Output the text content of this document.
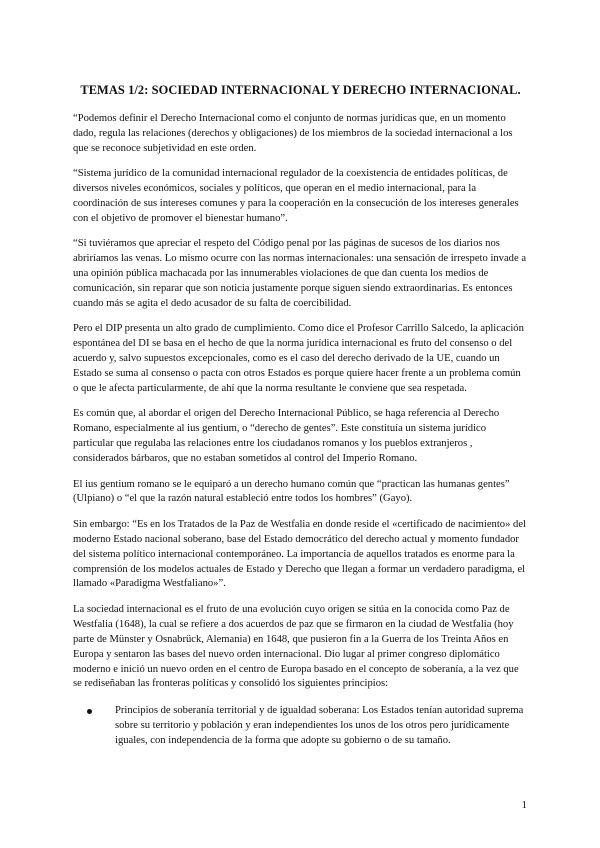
TEMAS 1/2: SOCIEDAD INTERNACIONAL Y DERECHO INTERNACIONAL.

“Podemos definir el Derecho Internacional como el conjunto de normas jurídicas que, en un momento dado, regula las relaciones (derechos y obligaciones) de los miembros de la sociedad internacional a los que se reconoce subjetividad en este orden.

“Sistema jurídico de la comunidad internacional regulador de la coexistencia de entidades políticas, de diversos niveles económicos, sociales y políticos, que operan en el medio internacional, para la coordinación de sus intereses comunes y para la cooperación en la consecución de los intereses generales con el objetivo de promover el bienestar humano”.

“Si tuviéramos que apreciar el respeto del Código penal por las páginas de sucesos de los diarios nos abriríamos las venas. Lo mismo ocurre con las normas internacionales: una sensación de irrespeto invade a una opinión pública machacada por las innumerables violaciones de que dan cuenta los medios de comunicación, sin reparar que son noticia justamente porque siguen siendo extraordinarias. Es entonces cuando más se agita el dedo acusador de su falta de coercibilidad.

Pero el DIP presenta un alto grado de cumplimiento. Como dice el Profesor Carrillo Salcedo, la aplicación espontánea del DI se basa en el hecho de que la norma jurídica internacional es fruto del consenso o del acuerdo y, salvo supuestos excepcionales, como es el caso del derecho derivado de la UE, cuando un Estado se suma al consenso o pacta con otros Estados es porque quiere hacer frente a un problema común o que le afecta particularmente, de ahí que la norma resultante le conviene que sea respetada.

Es común que, al abordar el origen del Derecho Internacional Público, se haga referencia al Derecho Romano, especialmente al ius gentium, o “derecho de gentes”. Este constituía un sistema jurídico particular que regulaba las relaciones entre los ciudadanos romanos y los pueblos extranjeros , considerados bárbaros, que no estaban sometidos al control del Imperio Romano.

El ius gentium romano se le equiparó a un derecho humano común que “practican las humanas gentes” (Ulpiano) o “el que la razón natural estableció entre todos los hombres” (Gayo).

Sin embargo: “Es en los Tratados de la Paz de Westfalia en donde reside el «certificado de nacimiento» del moderno Estado nacional soberano, base del Estado democrático del derecho actual y momento fundador del sistema político internacional contemporáneo. La importancia de aquellos tratados es enorme para la comprensión de los modelos actuales de Estado y Derecho que llegan a formar un verdadero paradigma, el llamado «Paradigma Westfaliano»”.

La sociedad internacional es el fruto de una evolución cuyo origen se sitúa en la conocida como Paz de Westfalia (1648), la cual se refiere a dos acuerdos de paz que se firmaron en la ciudad de Westfalia (hoy parte de Münster y Osnabrück, Alemania) en 1648, que pusieron fin a la Guerra de los Treinta Años en Europa y sentaron las bases del nuevo orden internacional. Dio lugar al primer congreso diplomático moderno e inició un nuevo orden en el centro de Europa basado en el concepto de soberanía, a la vez que se rediseñaban las fronteras políticas y consolidó los siguientes principios:

Principios de soberanía territorial y de igualdad soberana: Los Estados tenían autoridad suprema sobre su territorio y población y eran independientes los unos de los otros pero jurídicamente iguales, con independencia de la forma que adopte su gobierno o de su tamaño.
1
